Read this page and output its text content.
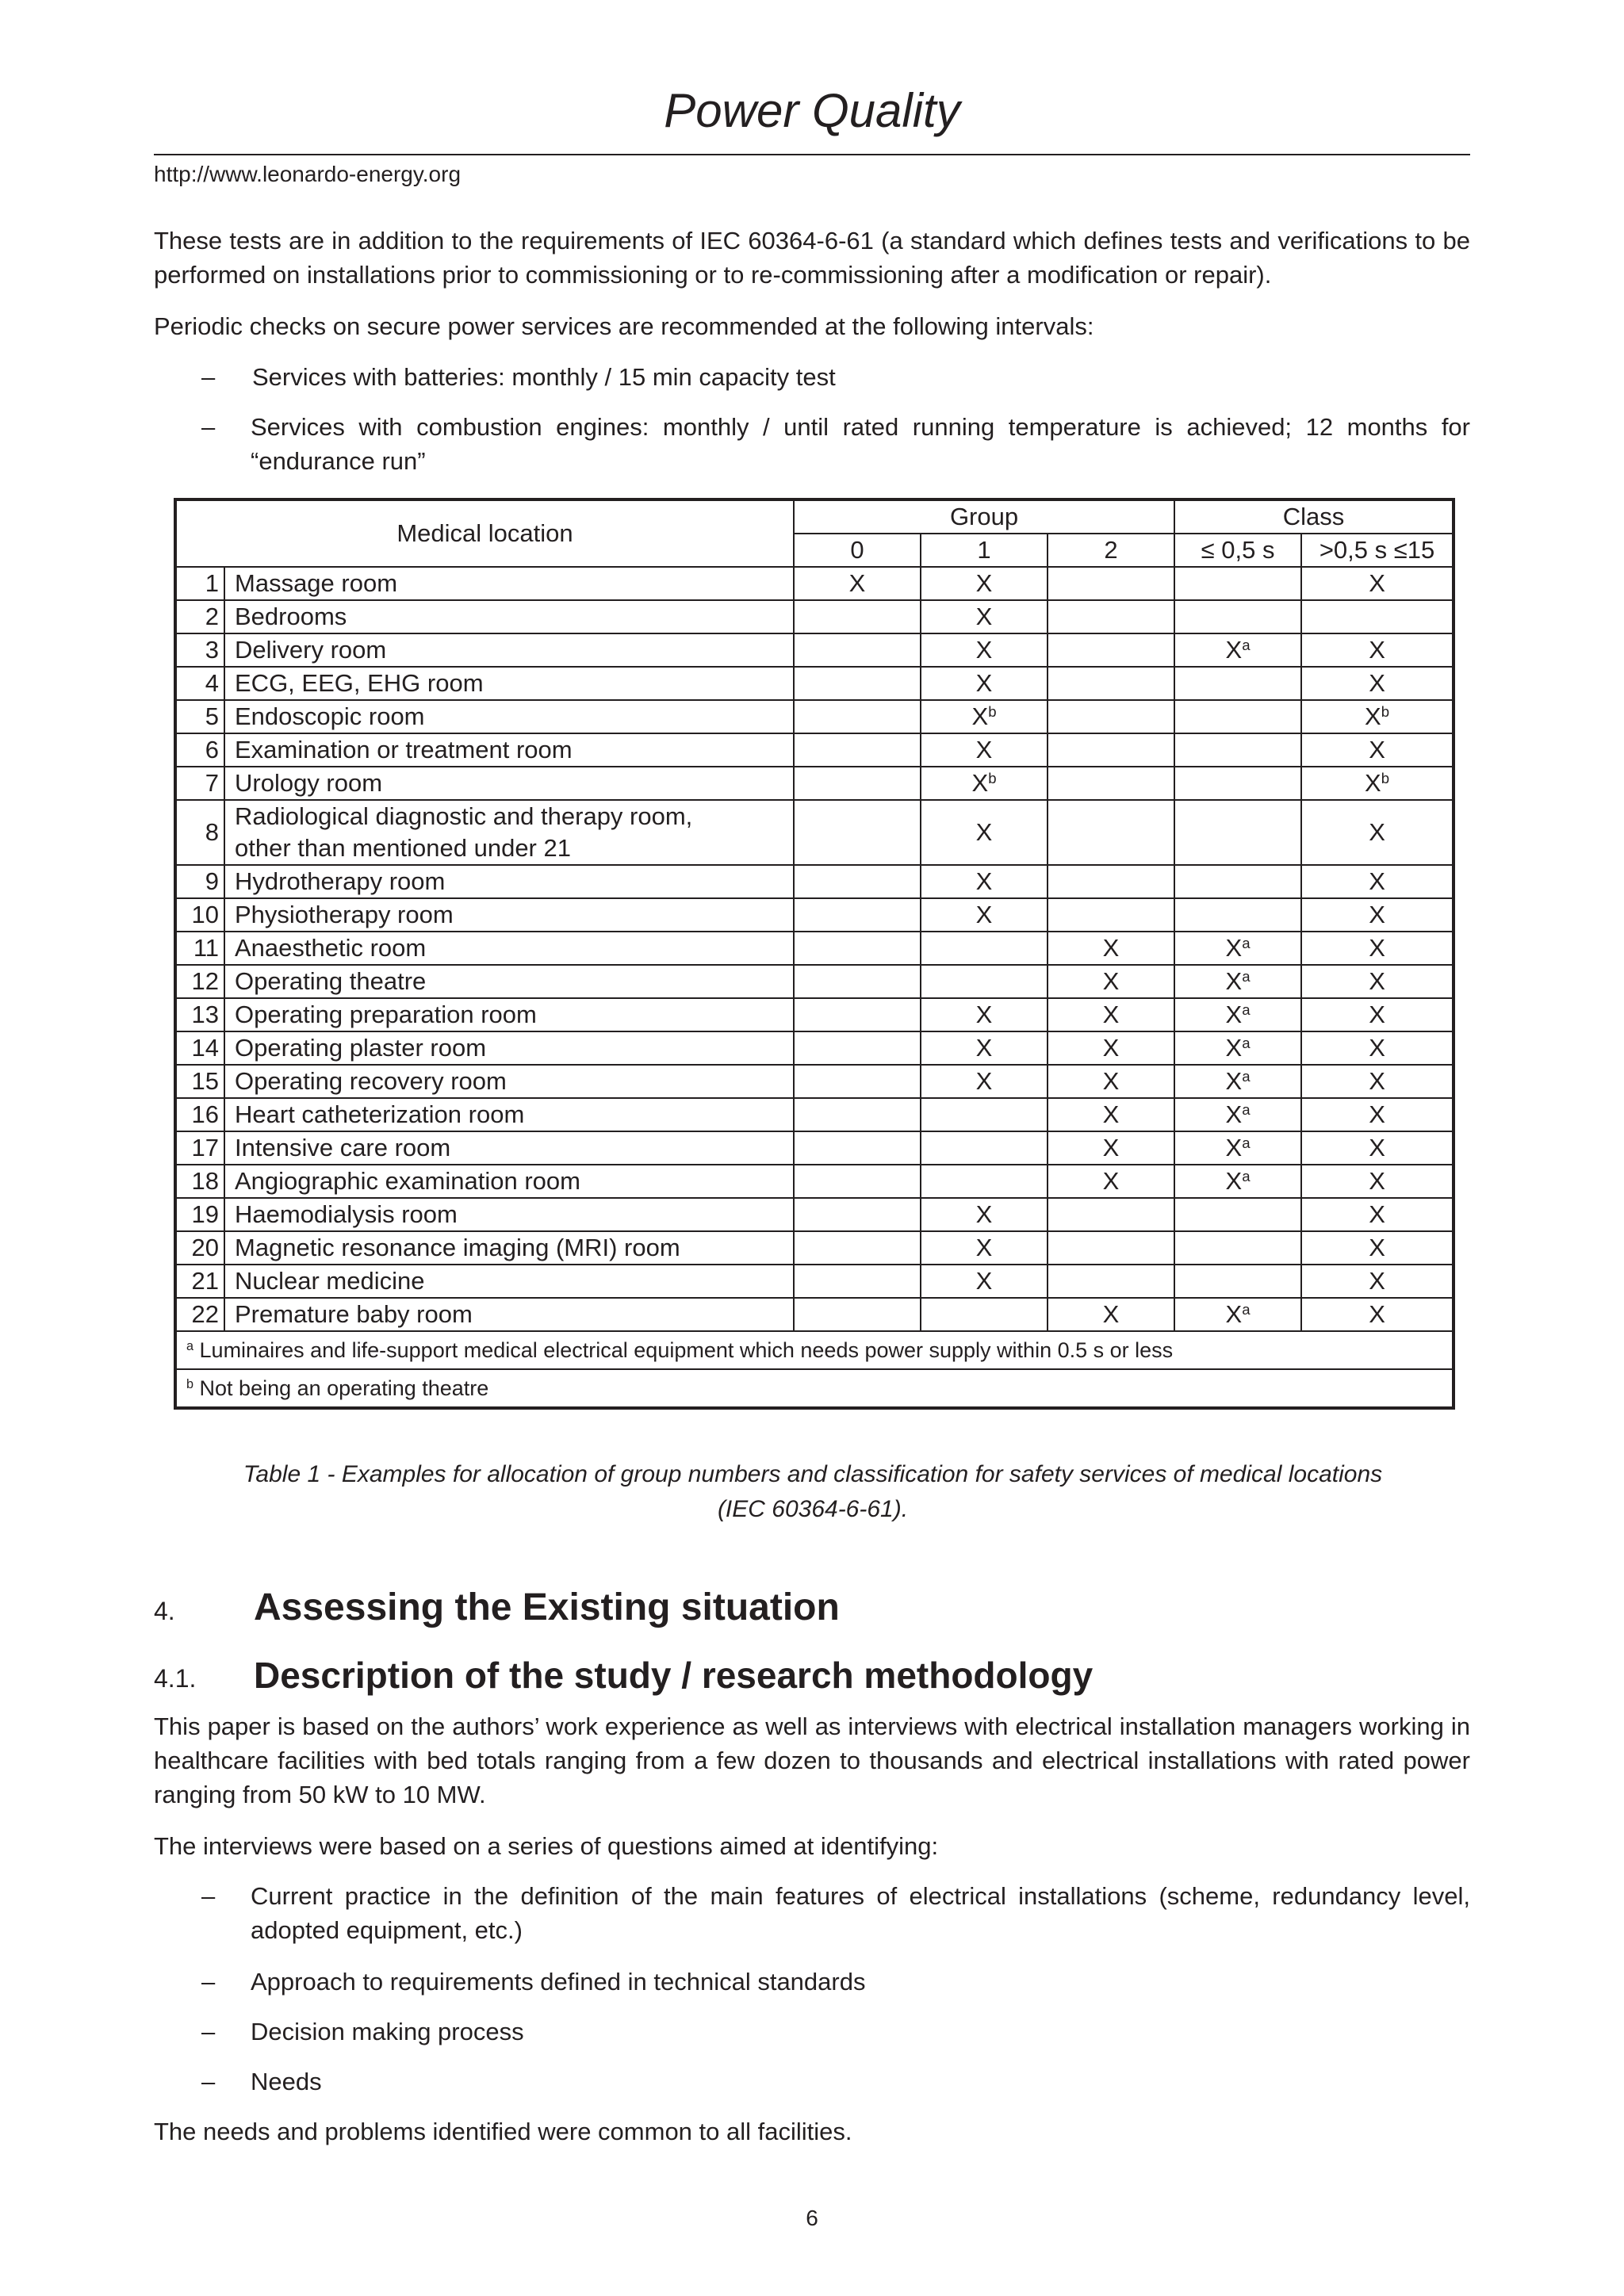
Power Quality
http://www.leonardo-energy.org
These tests are in addition to the requirements of IEC 60364-6-61 (a standard which defines tests and verifications to be performed on installations prior to commissioning or to re-commissioning after a modification or repair).
Periodic checks on secure power services are recommended at the following intervals:
– Services with batteries: monthly / 15 min capacity test
– Services with combustion engines: monthly / until rated running temperature is achieved; 12 months for “endurance run”
Medical location		Group			Class	
		0	1	2	≤ 0,5 s	>0,5 s ≤15
1	Massage room	X	X			X
2	Bedrooms		X			
3	Delivery room		X		$X^a$	X
4	ECG, EEG, EHG room		X			X
5	Endoscopic room		$X^b$			$X^b$
6	Examination or treatment room		X			X
7	Urology room		$X^b$			$X^b$
8	Radiological diagnostic and therapy room,
other than mentioned under 21		X			X
9	Hydrotherapy room		X			X
10	Physiotherapy room		X			X
11	Anaesthetic room			X	$X^a$	X
12	Operating theatre			X	$X^a$	X
13	Operating preparation room		X	X	$X^a$	X
14	Operating plaster room		X	X	$X^a$	X
15	Operating recovery room		X	X	$X^a$	X
16	Heart catheterization room			X	$X^a$	X
17	Intensive care room			X	$X^a$	X
18	Angiographic examination room			X	$X^a$	X
19	Haemodialysis room		X			X
20	Magnetic resonance imaging (MRI) room		X			X
21	Nuclear medicine		X			X
22	Premature baby room			X	$X^a$	X
$^a$ Luminaires and life-support medical electrical equipment which needs power supply within 0.5 s or less						
$^b$ Not being an operating theatre						
Table 1 - Examples for allocation of group numbers and classification for safety services of medical locations
(IEC 60364-6-61).
4. Assessing the Existing situation
4.1. Description of the study / research methodology
This paper is based on the authors’ work experience as well as interviews with electrical installation managers working in healthcare facilities with bed totals ranging from a few dozen to thousands and electrical installations with rated power ranging from 50 kW to 10 MW.
The interviews were based on a series of questions aimed at identifying:
– Current practice in the definition of the main features of electrical installations (scheme, redundancy level, adopted equipment, etc.)
– Approach to requirements defined in technical standards
– Decision making process
– Needs
The needs and problems identified were common to all facilities.
6
